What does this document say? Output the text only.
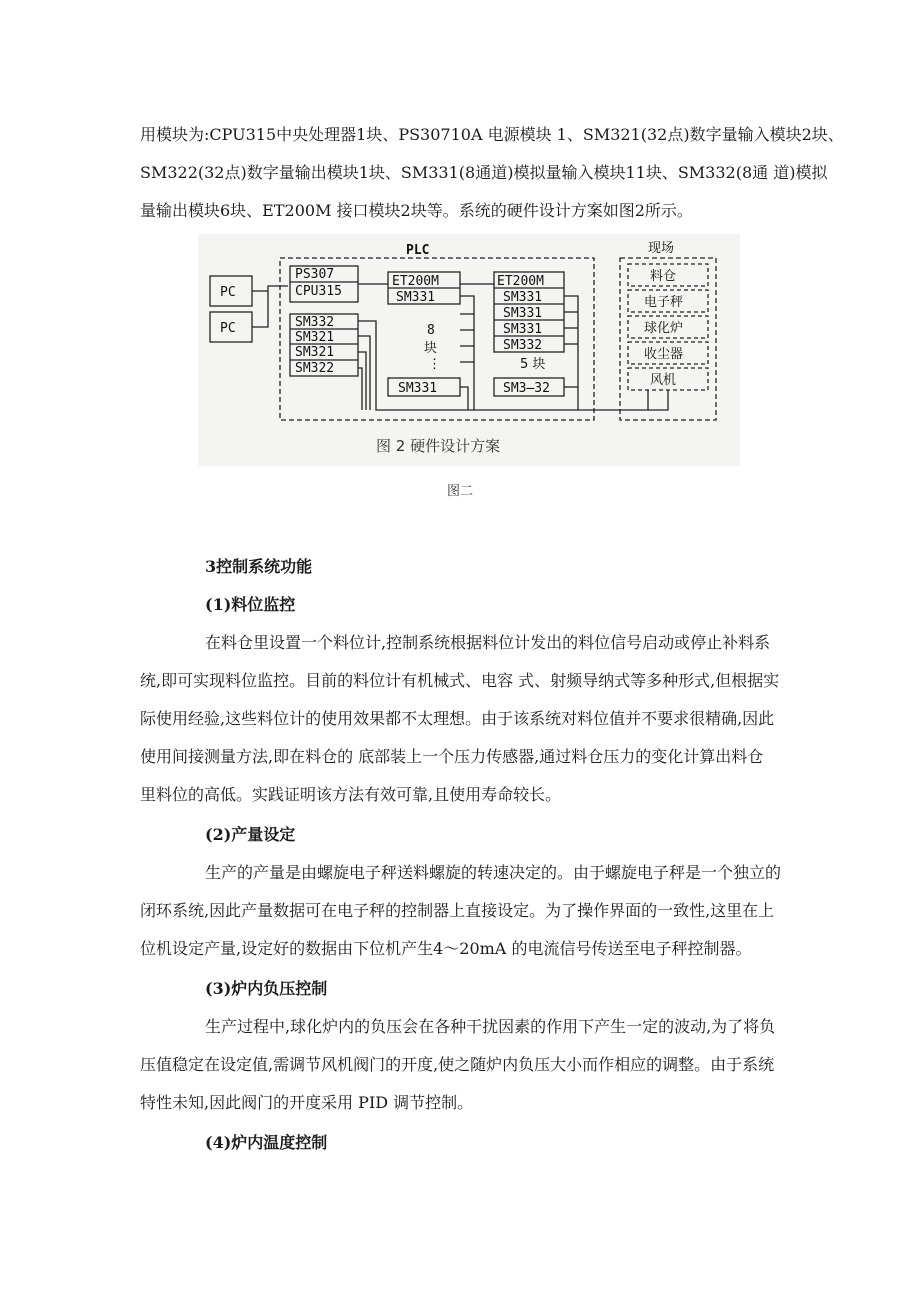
用模块为:CPU315中央处理器1块、PS30710A 电源模块 1、SM321(32点)数字量输入模块2块、

SM322(32点)数字量输出模块1块、SM331(8通道)模拟量输入模块11块、SM332(8通 道)模拟

量输出模块6块、ET200M 接口模块2块等。系统的硬件设计方案如图2所示。

PLC	现场
PC
PC
PS307
CPU315
SM332
SM321
SM321
SM322
ET200M
SM331
8
块
⋮
SM331
ET200M
SM331
SM331
SM331
SM332
5 块
SM3̶32
料仓
电子秤
球化炉
收尘器
风机
图 2 硬件设计方案
图二

3控制系统功能

(1)料位监控

在料仓里设置一个料位计,控制系统根据料位计发出的料位信号启动或停止补料系

统,即可实现料位监控。目前的料位计有机械式、电容 式、射频导纳式等多种形式,但根据实

际使用经验,这些料位计的使用效果都不太理想。由于该系统对料位值并不要求很精确,因此

使用间接测量方法,即在料仓的 底部装上一个压力传感器,通过料仓压力的变化计算出料仓

里料位的高低。实践证明该方法有效可靠,且使用寿命较长。

(2)产量设定

生产的产量是由螺旋电子秤送料螺旋的转速决定的。由于螺旋电子秤是一个独立的

闭环系统,因此产量数据可在电子秤的控制器上直接设定。为了操作界面的一致性,这里在上

位机设定产量,设定好的数据由下位机产生4～20mA 的电流信号传送至电子秤控制器。

(3)炉内负压控制

生产过程中,球化炉内的负压会在各种干扰因素的作用下产生一定的波动,为了将负

压值稳定在设定值,需调节风机阀门的开度,使之随炉内负压大小而作相应的调整。由于系统

特性未知,因此阀门的开度采用 PID 调节控制。

(4)炉内温度控制
